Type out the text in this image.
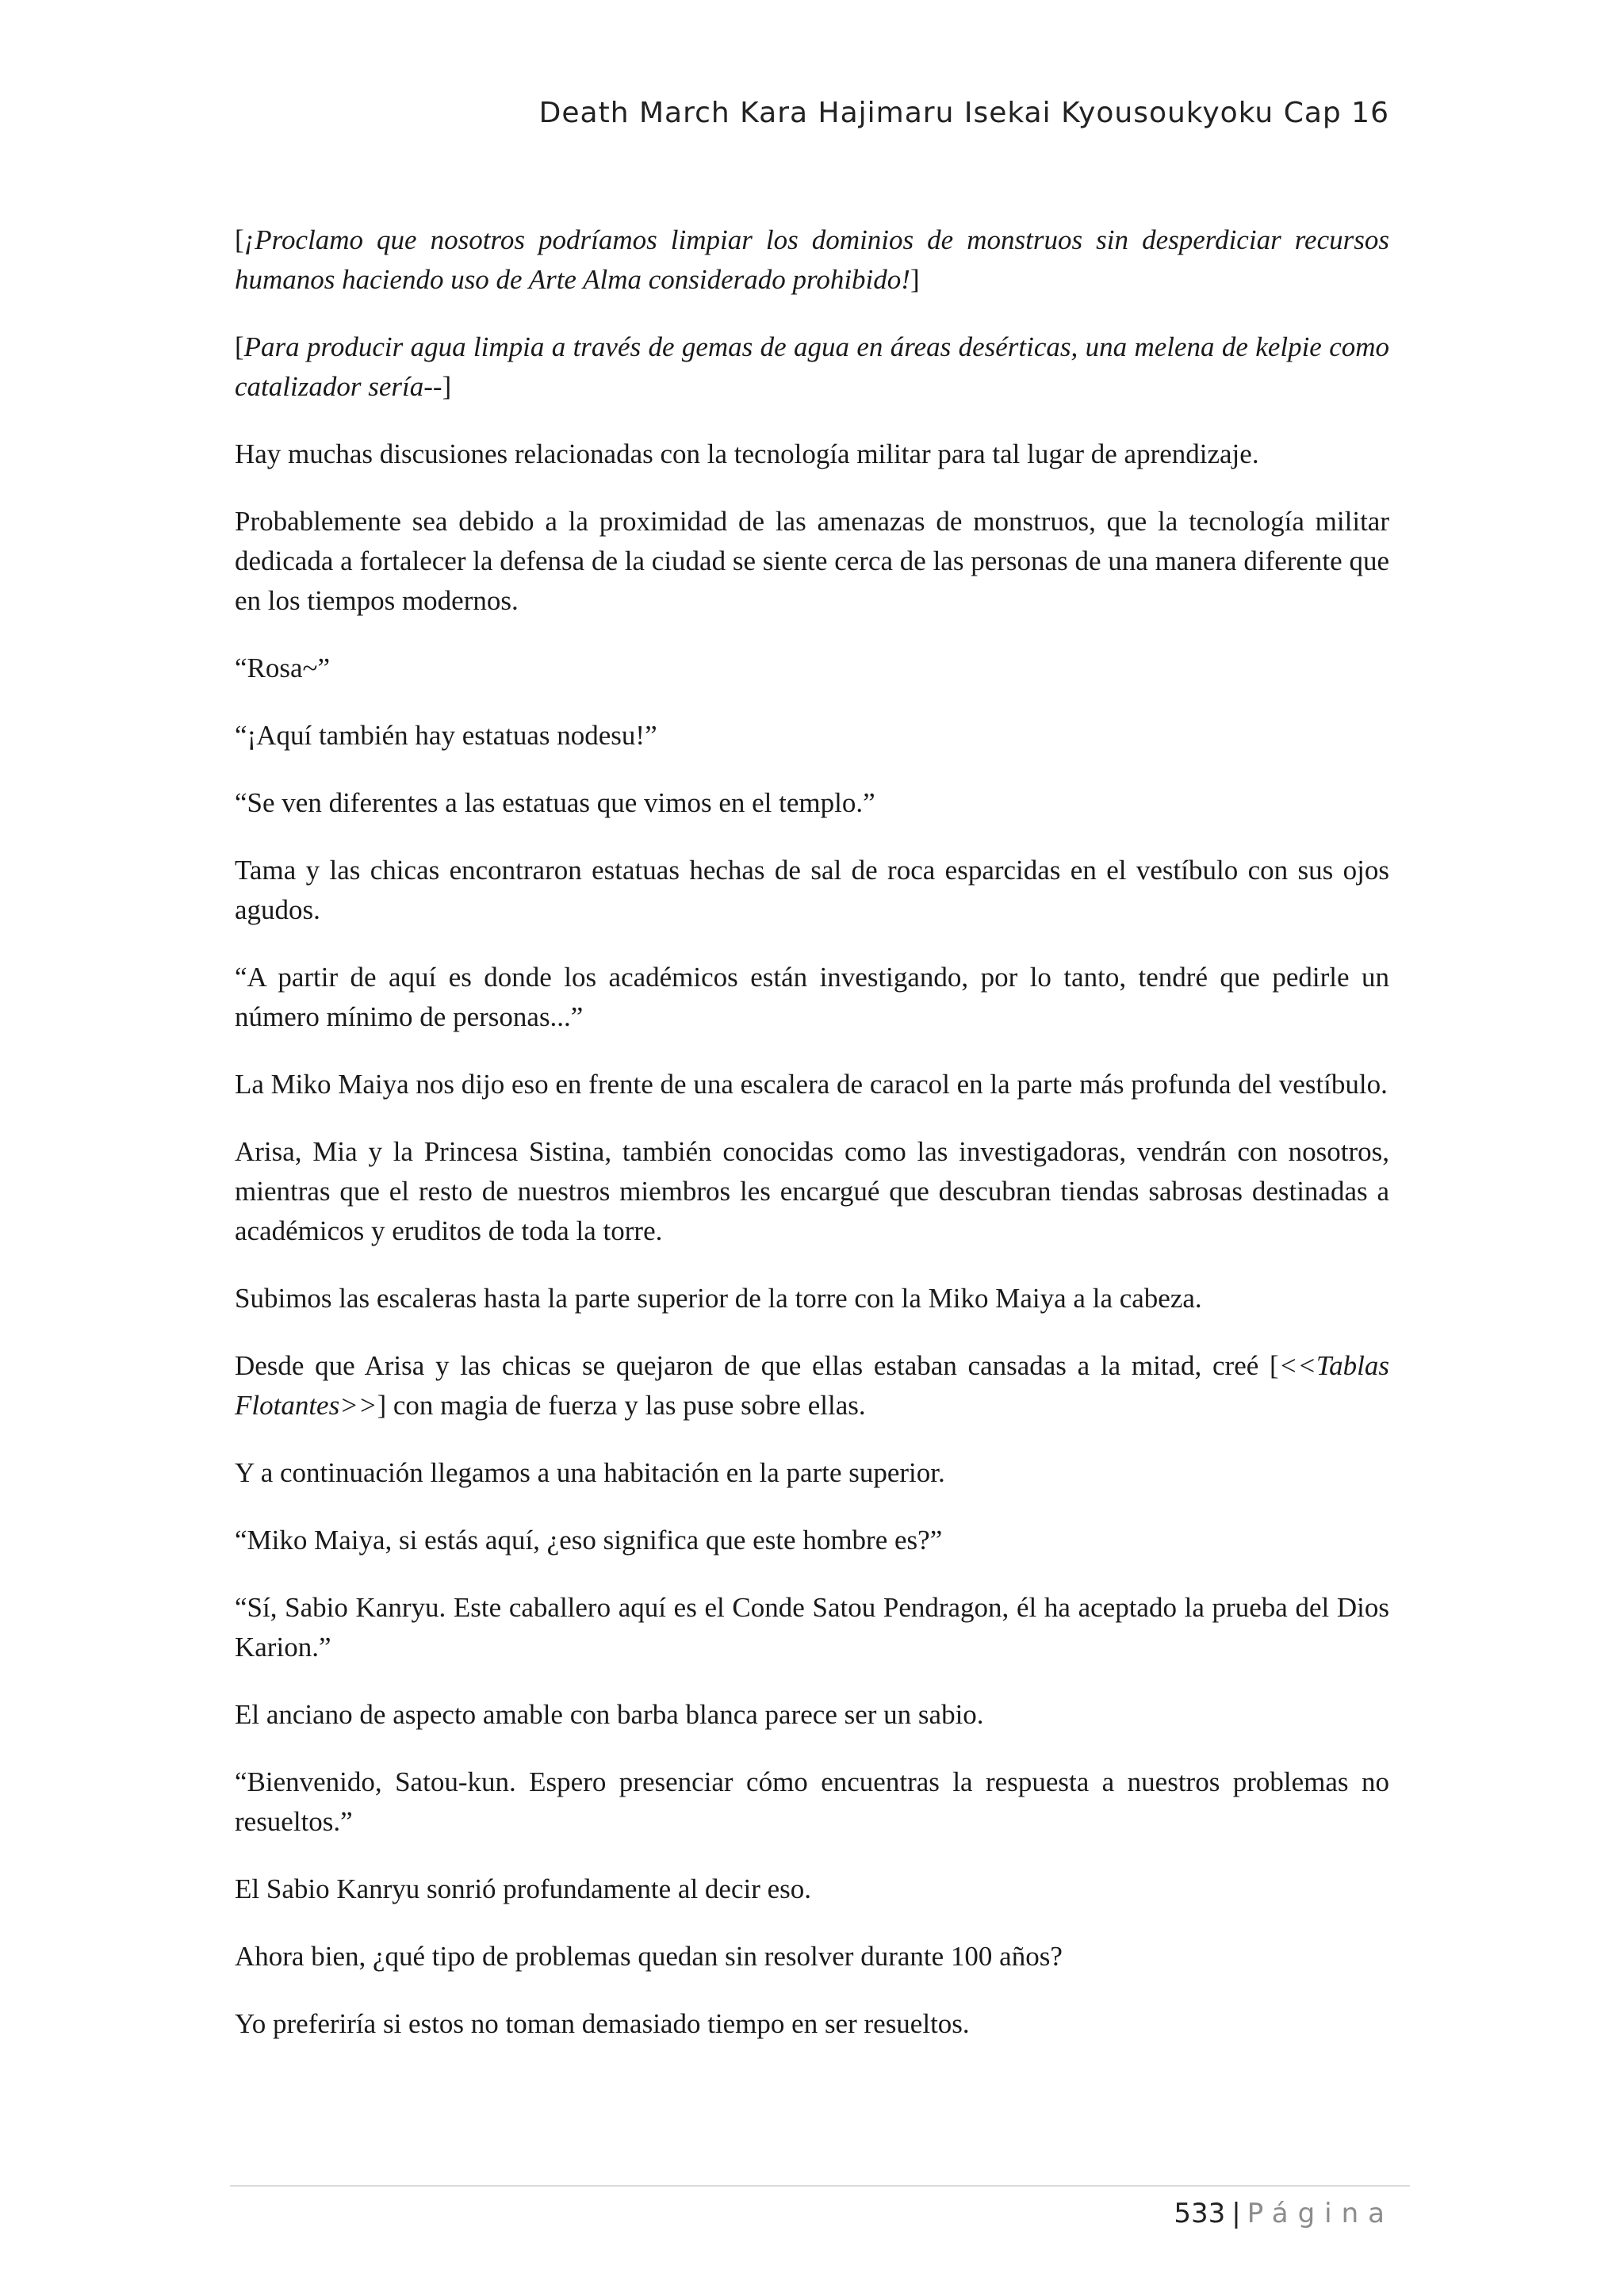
Death March Kara Hajimaru Isekai Kyousoukyoku Cap 16

[¡Proclamo que nosotros podríamos limpiar los dominios de monstruos sin desperdiciar recursos humanos haciendo uso de Arte Alma considerado prohibido!]

[Para producir agua limpia a través de gemas de agua en áreas desérticas, una melena de kelpie como catalizador sería--]

Hay muchas discusiones relacionadas con la tecnología militar para tal lugar de aprendizaje.

Probablemente sea debido a la proximidad de las amenazas de monstruos, que la tecnología militar dedicada a fortalecer la defensa de la ciudad se siente cerca de las personas de una manera diferente que en los tiempos modernos.

“Rosa~”

“¡Aquí también hay estatuas nodesu!”

“Se ven diferentes a las estatuas que vimos en el templo.”

Tama y las chicas encontraron estatuas hechas de sal de roca esparcidas en el vestíbulo con sus ojos agudos.

“A partir de aquí es donde los académicos están investigando, por lo tanto, tendré que pedirle un número mínimo de personas...”

La Miko Maiya nos dijo eso en frente de una escalera de caracol en la parte más profunda del vestíbulo.

Arisa, Mia y la Princesa Sistina, también conocidas como las investigadoras, vendrán con nosotros, mientras que el resto de nuestros miembros les encargué que descubran tiendas sabrosas destinadas a académicos y eruditos de toda la torre.

Subimos las escaleras hasta la parte superior de la torre con la Miko Maiya a la cabeza.

Desde que Arisa y las chicas se quejaron de que ellas estaban cansadas a la mitad, creé [<<Tablas Flotantes>>] con magia de fuerza y las puse sobre ellas.

Y a continuación llegamos a una habitación en la parte superior.

“Miko Maiya, si estás aquí, ¿eso significa que este hombre es?”

“Sí, Sabio Kanryu. Este caballero aquí es el Conde Satou Pendragon, él ha aceptado la prueba del Dios Karion.”

El anciano de aspecto amable con barba blanca parece ser un sabio.

“Bienvenido, Satou-kun. Espero presenciar cómo encuentras la respuesta a nuestros problemas no resueltos.”

El Sabio Kanryu sonrió profundamente al decir eso.

Ahora bien, ¿qué tipo de problemas quedan sin resolver durante 100 años?

Yo preferiría si estos no toman demasiado tiempo en ser resueltos.

533 | Página
